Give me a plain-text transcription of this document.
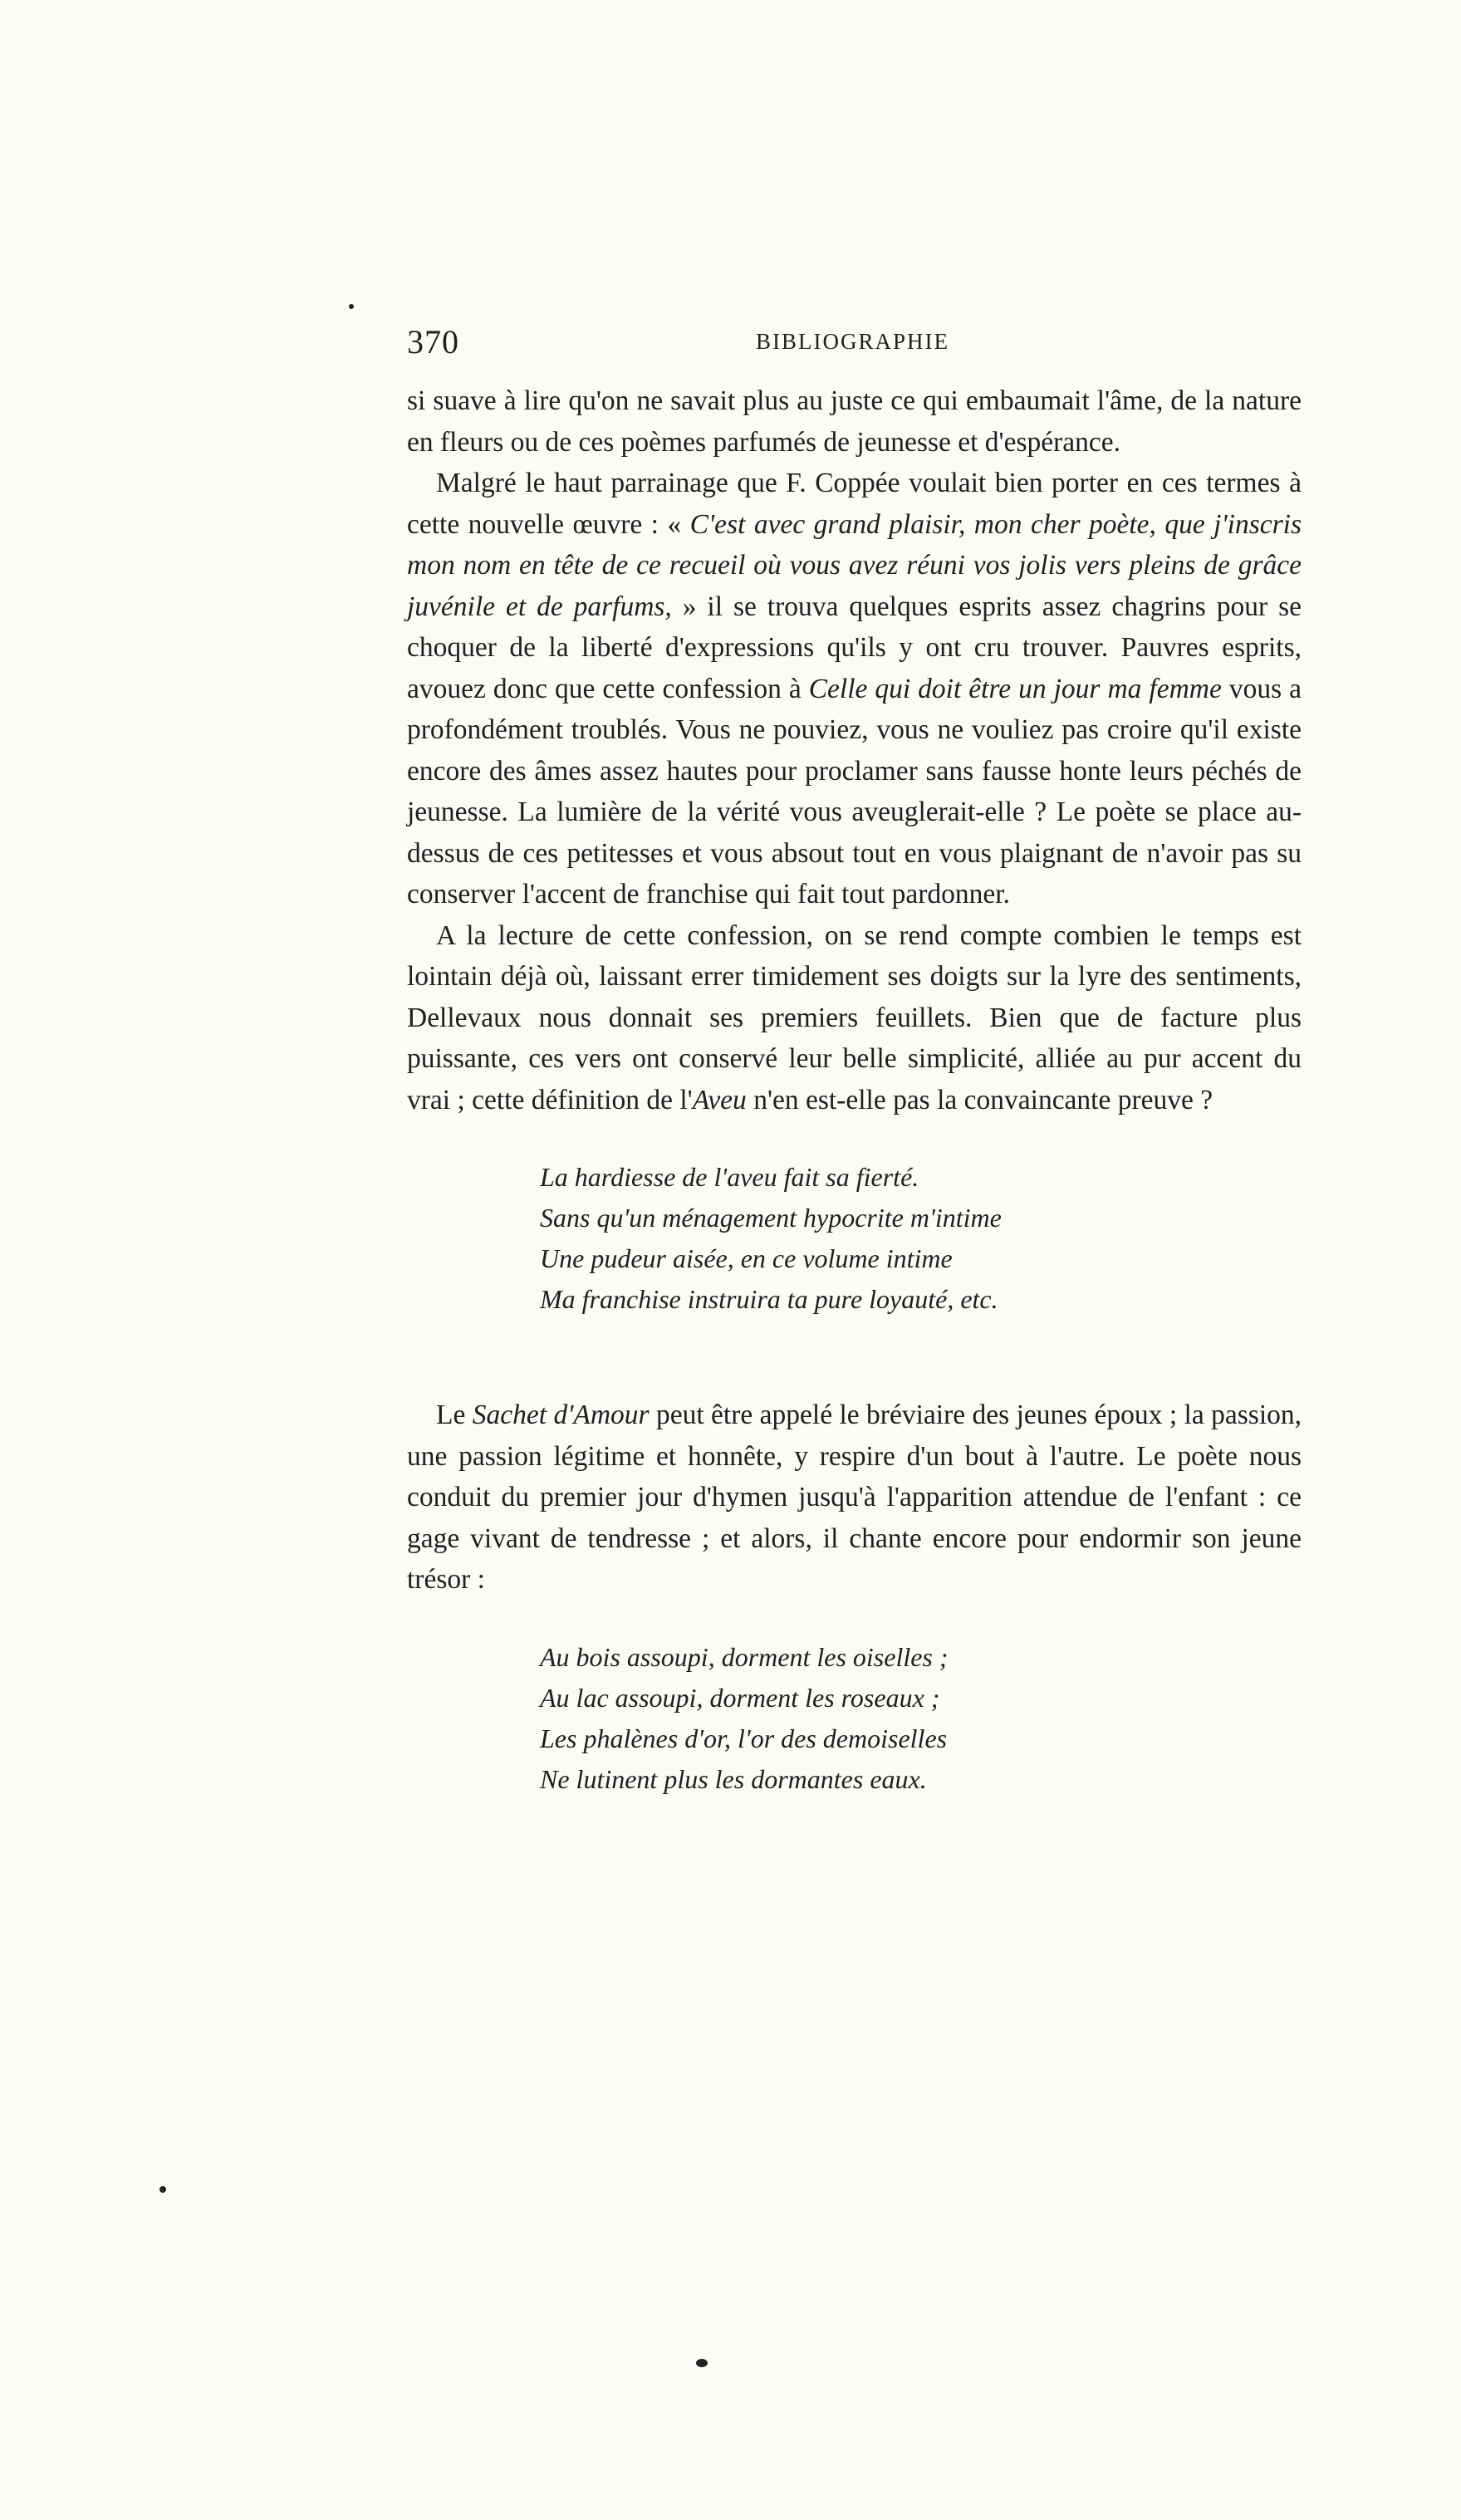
370	BIBLIOGRAPHIE

si suave à lire qu'on ne savait plus au juste ce qui embaumait l'âme, de la nature en fleurs ou de ces poèmes parfumés de jeunesse et d'espérance.

Malgré le haut parrainage que F. Coppée voulait bien porter en ces termes à cette nouvelle œuvre : « C'est avec grand plaisir, mon cher poète, que j'inscris mon nom en tête de ce recueil où vous avez réuni vos jolis vers pleins de grâce juvénile et de parfums, » il se trouva quelques esprits assez chagrins pour se choquer de la liberté d'expressions qu'ils y ont cru trouver. Pauvres esprits, avouez donc que cette confession à Celle qui doit être un jour ma femme vous a profondément troublés. Vous ne pouviez, vous ne vouliez pas croire qu'il existe encore des âmes assez hautes pour proclamer sans fausse honte leurs péchés de jeunesse. La lumière de la vérité vous aveuglerait-elle ? Le poète se place au-dessus de ces petitesses et vous absout tout en vous plaignant de n'avoir pas su conserver l'accent de franchise qui fait tout pardonner.

A la lecture de cette confession, on se rend compte combien le temps est lointain déjà où, laissant errer timidement ses doigts sur la lyre des sentiments, Dellevaux nous donnait ses premiers feuillets. Bien que de facture plus puissante, ces vers ont conservé leur belle simplicité, alliée au pur accent du vrai ; cette définition de l'Aveu n'en est-elle pas la convaincante preuve ?

La hardiesse de l'aveu fait sa fierté.
Sans qu'un ménagement hypocrite m'intime
Une pudeur aisée, en ce volume intime
Ma franchise instruira ta pure loyauté, etc.

Le Sachet d'Amour peut être appelé le bréviaire des jeunes époux ; la passion, une passion légitime et honnête, y respire d'un bout à l'autre. Le poète nous conduit du premier jour d'hymen jusqu'à l'apparition attendue de l'enfant : ce gage vivant de tendresse ; et alors, il chante encore pour endormir son jeune trésor :

Au bois assoupi, dorment les oiselles ;
Au lac assoupi, dorment les roseaux ;
Les phalènes d'or, l'or des demoiselles
Ne lutinent plus les dormantes eaux.
